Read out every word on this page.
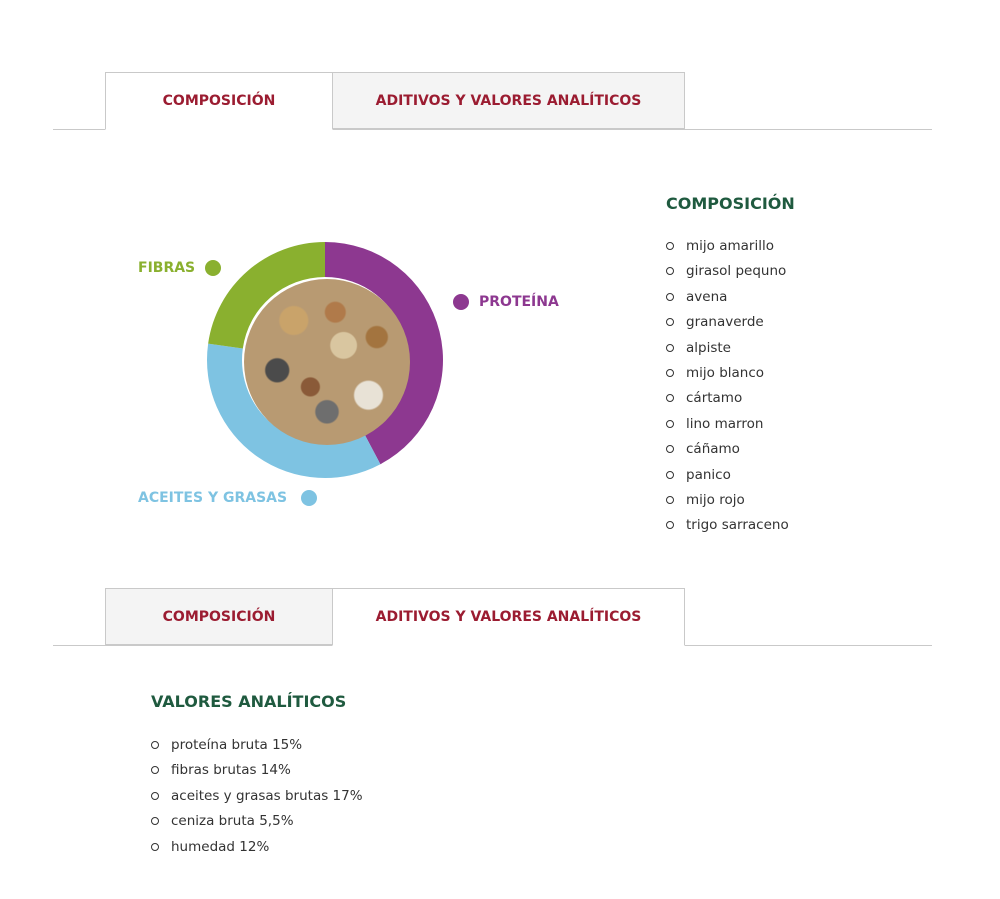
COMPOSICIÓN	ADITIVOS Y VALORES ANALÍTICOS
FIBRAS
PROTEÍNA
ACEITES Y GRASAS
COMPOSICIÓN
mijo amarillo
girasol pequno
avena
granaverde
alpiste
mijo blanco
cártamo
lino marron
cáñamo
panico
mijo rojo
trigo sarraceno
COMPOSICIÓN	ADITIVOS Y VALORES ANALÍTICOS
VALORES ANALÍTICOS
proteína bruta 15%
fibras brutas 14%
aceites y grasas brutas 17%
ceniza bruta 5,5%
humedad 12%
